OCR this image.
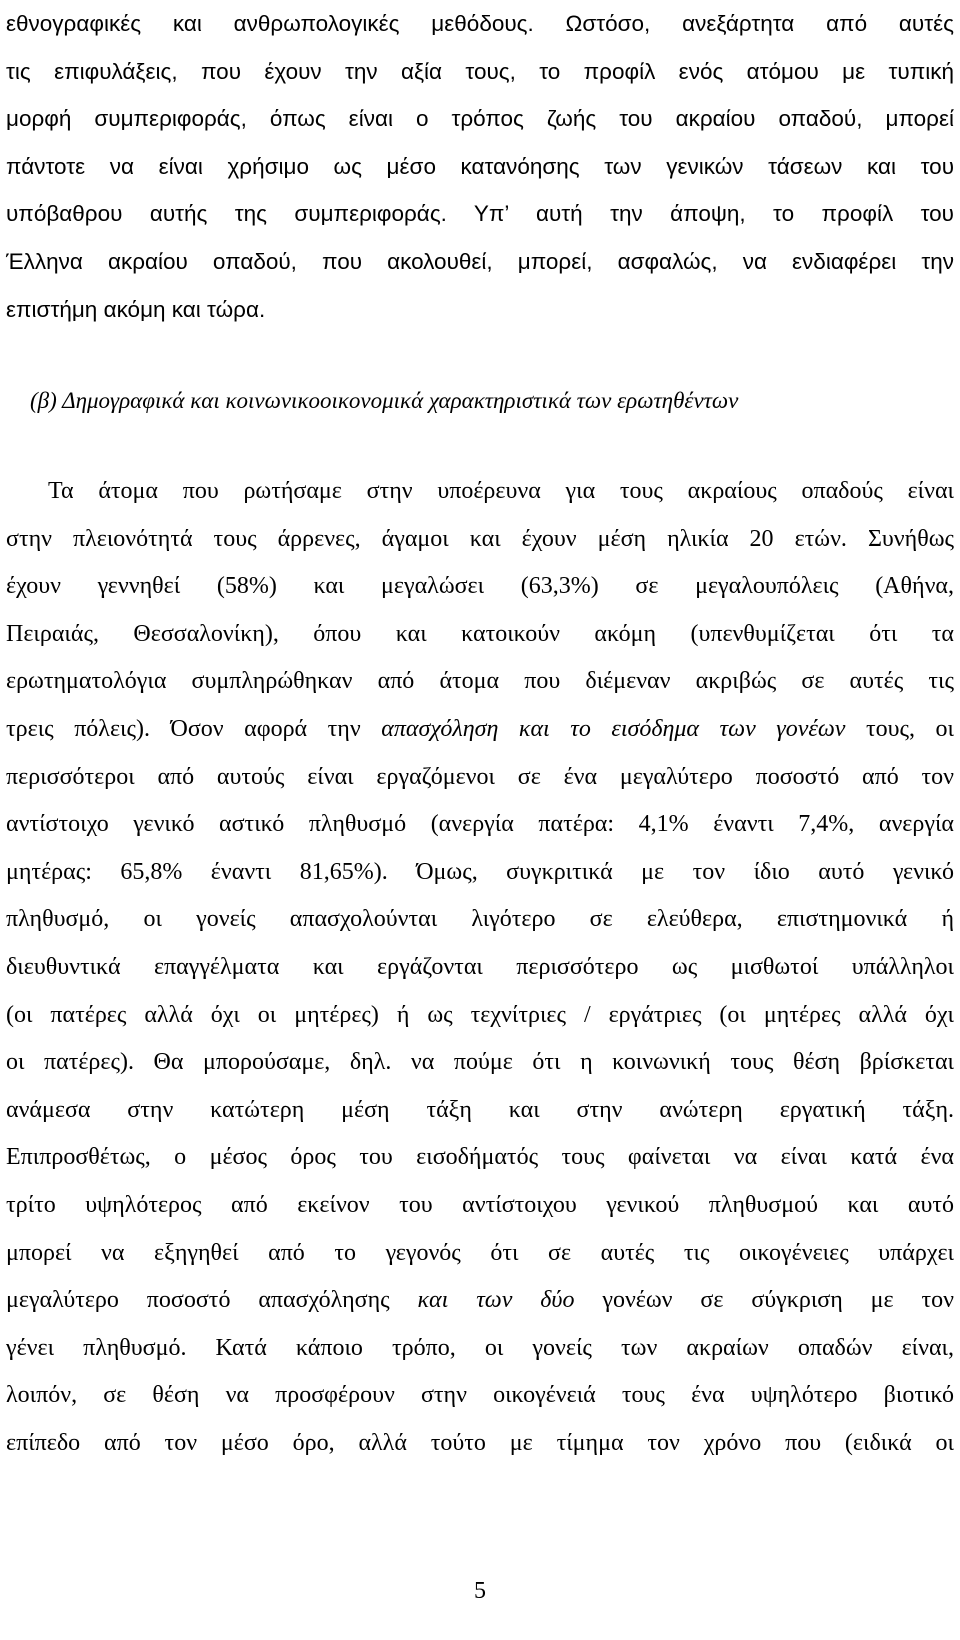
εθνογραφικές και ανθρωπολογικές μεθόδους. Ωστόσο, ανεξάρτητα από αυτές
τις επιφυλάξεις, που έχουν την αξία τους, το προφίλ ενός ατόμου με τυπική
μορφή συμπεριφοράς, όπως είναι ο τρόπος ζωής του ακραίου οπαδού, μπορεί
πάντοτε να είναι χρήσιμο ως μέσο κατανόησης των γενικών τάσεων και του
υπόβαθρου αυτής της συμπεριφοράς. Υπ’ αυτή την άποψη, το προφίλ του
Έλληνα ακραίου οπαδού, που ακολουθεί, μπορεί, ασφαλώς, να ενδιαφέρει την
επιστήμη ακόμη και τώρα.

(β) Δημογραφικά και κοινωνικοοικονομικά χαρακτηριστικά των ερωτηθέντων

Τα άτομα που ρωτήσαμε στην υποέρευνα για τους ακραίους οπαδούς είναι
στην πλειονότητά τους άρρενες, άγαμοι και έχουν μέση ηλικία 20 ετών. Συνήθως
έχουν γεννηθεί (58%) και μεγαλώσει (63,3%) σε μεγαλουπόλεις (Αθήνα,
Πειραιάς, Θεσσαλονίκη), όπου και κατοικούν ακόμη (υπενθυμίζεται ότι τα
ερωτηματολόγια συμπληρώθηκαν από άτομα που διέμεναν ακριβώς σε αυτές τις
τρεις πόλεις). Όσον αφορά την απασχόληση και το εισόδημα των γονέων τους, οι
περισσότεροι από αυτούς είναι εργαζόμενοι σε ένα μεγαλύτερο ποσοστό από τον
αντίστοιχο γενικό αστικό πληθυσμό (ανεργία πατέρα: 4,1% έναντι 7,4%, ανεργία
μητέρας: 65,8% έναντι 81,65%). Όμως, συγκριτικά με τον ίδιο αυτό γενικό
πληθυσμό, οι γονείς απασχολούνται λιγότερο σε ελεύθερα, επιστημονικά ή
διευθυντικά επαγγέλματα και εργάζονται περισσότερο ως μισθωτοί υπάλληλοι
(οι πατέρες αλλά όχι οι μητέρες) ή ως τεχνίτριες / εργάτριες (οι μητέρες αλλά όχι
οι πατέρες). Θα μπορούσαμε, δηλ. να πούμε ότι η κοινωνική τους θέση βρίσκεται
ανάμεσα στην κατώτερη μέση τάξη και στην ανώτερη εργατική τάξη.
Επιπροσθέτως, ο μέσος όρος του εισοδήματός τους φαίνεται να είναι κατά ένα
τρίτο υψηλότερος από εκείνον του αντίστοιχου γενικού πληθυσμού και αυτό
μπορεί να εξηγηθεί από το γεγονός ότι σε αυτές τις οικογένειες υπάρχει
μεγαλύτερο ποσοστό απασχόλησης και των δύο γονέων σε σύγκριση με τον
γένει πληθυσμό. Κατά κάποιο τρόπο, οι γονείς των ακραίων οπαδών είναι,
λοιπόν, σε θέση να προσφέρουν στην οικογένειά τους ένα υψηλότερο βιοτικό
επίπεδο από τον μέσο όρο, αλλά τούτο με τίμημα τον χρόνο που (ειδικά οι

5
